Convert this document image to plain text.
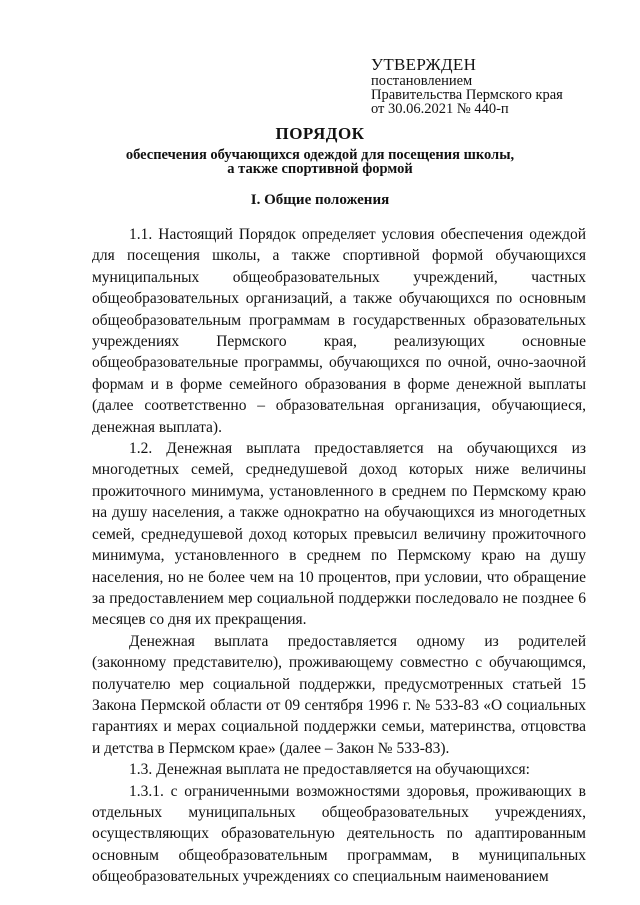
УТВЕРЖДЕН
постановлением
Правительства Пермского края
от 30.06.2021 № 440-п
ПОРЯДОК
обеспечения обучающихся одеждой для посещения школы,
а также спортивной формой
I. Общие положения

1.1. Настоящий Порядок определяет условия обеспечения одеждой для посещения школы, а также спортивной формой обучающихся муниципальных общеобразовательных учреждений, частных общеобразовательных организаций, а также обучающихся по основным общеобразовательным программам в государственных образовательных учреждениях Пермского края, реализующих основные общеобразовательные программы, обучающихся по очной, очно-заочной формам и в форме семейного образования в форме денежной выплаты (далее соответственно – образовательная организация, обучающиеся, денежная выплата).

1.2. Денежная выплата предоставляется на обучающихся из многодетных семей, среднедушевой доход которых ниже величины прожиточного минимума, установленного в среднем по Пермскому краю на душу населения, а также однократно на обучающихся из многодетных семей, среднедушевой доход которых превысил величину прожиточного минимума, установленного в среднем по Пермскому краю на душу населения, но не более чем на 10 процентов, при условии, что обращение за предоставлением мер социальной поддержки последовало не позднее 6 месяцев со дня их прекращения.

Денежная выплата предоставляется одному из родителей (законному представителю), проживающему совместно с обучающимся, получателю мер социальной поддержки, предусмотренных статьей 15 Закона Пермской области от 09 сентября 1996 г. № 533-83 «О социальных гарантиях и мерах социальной поддержки семьи, материнства, отцовства и детства в Пермском крае» (далее – Закон № 533-83).

1.3. Денежная выплата не предоставляется на обучающихся:

1.3.1. с ограниченными возможностями здоровья, проживающих в отдельных муниципальных общеобразовательных учреждениях, осуществляющих образовательную деятельность по адаптированным основным общеобразовательным программам, в муниципальных общеобразовательных учреждениях со специальным наименованием
